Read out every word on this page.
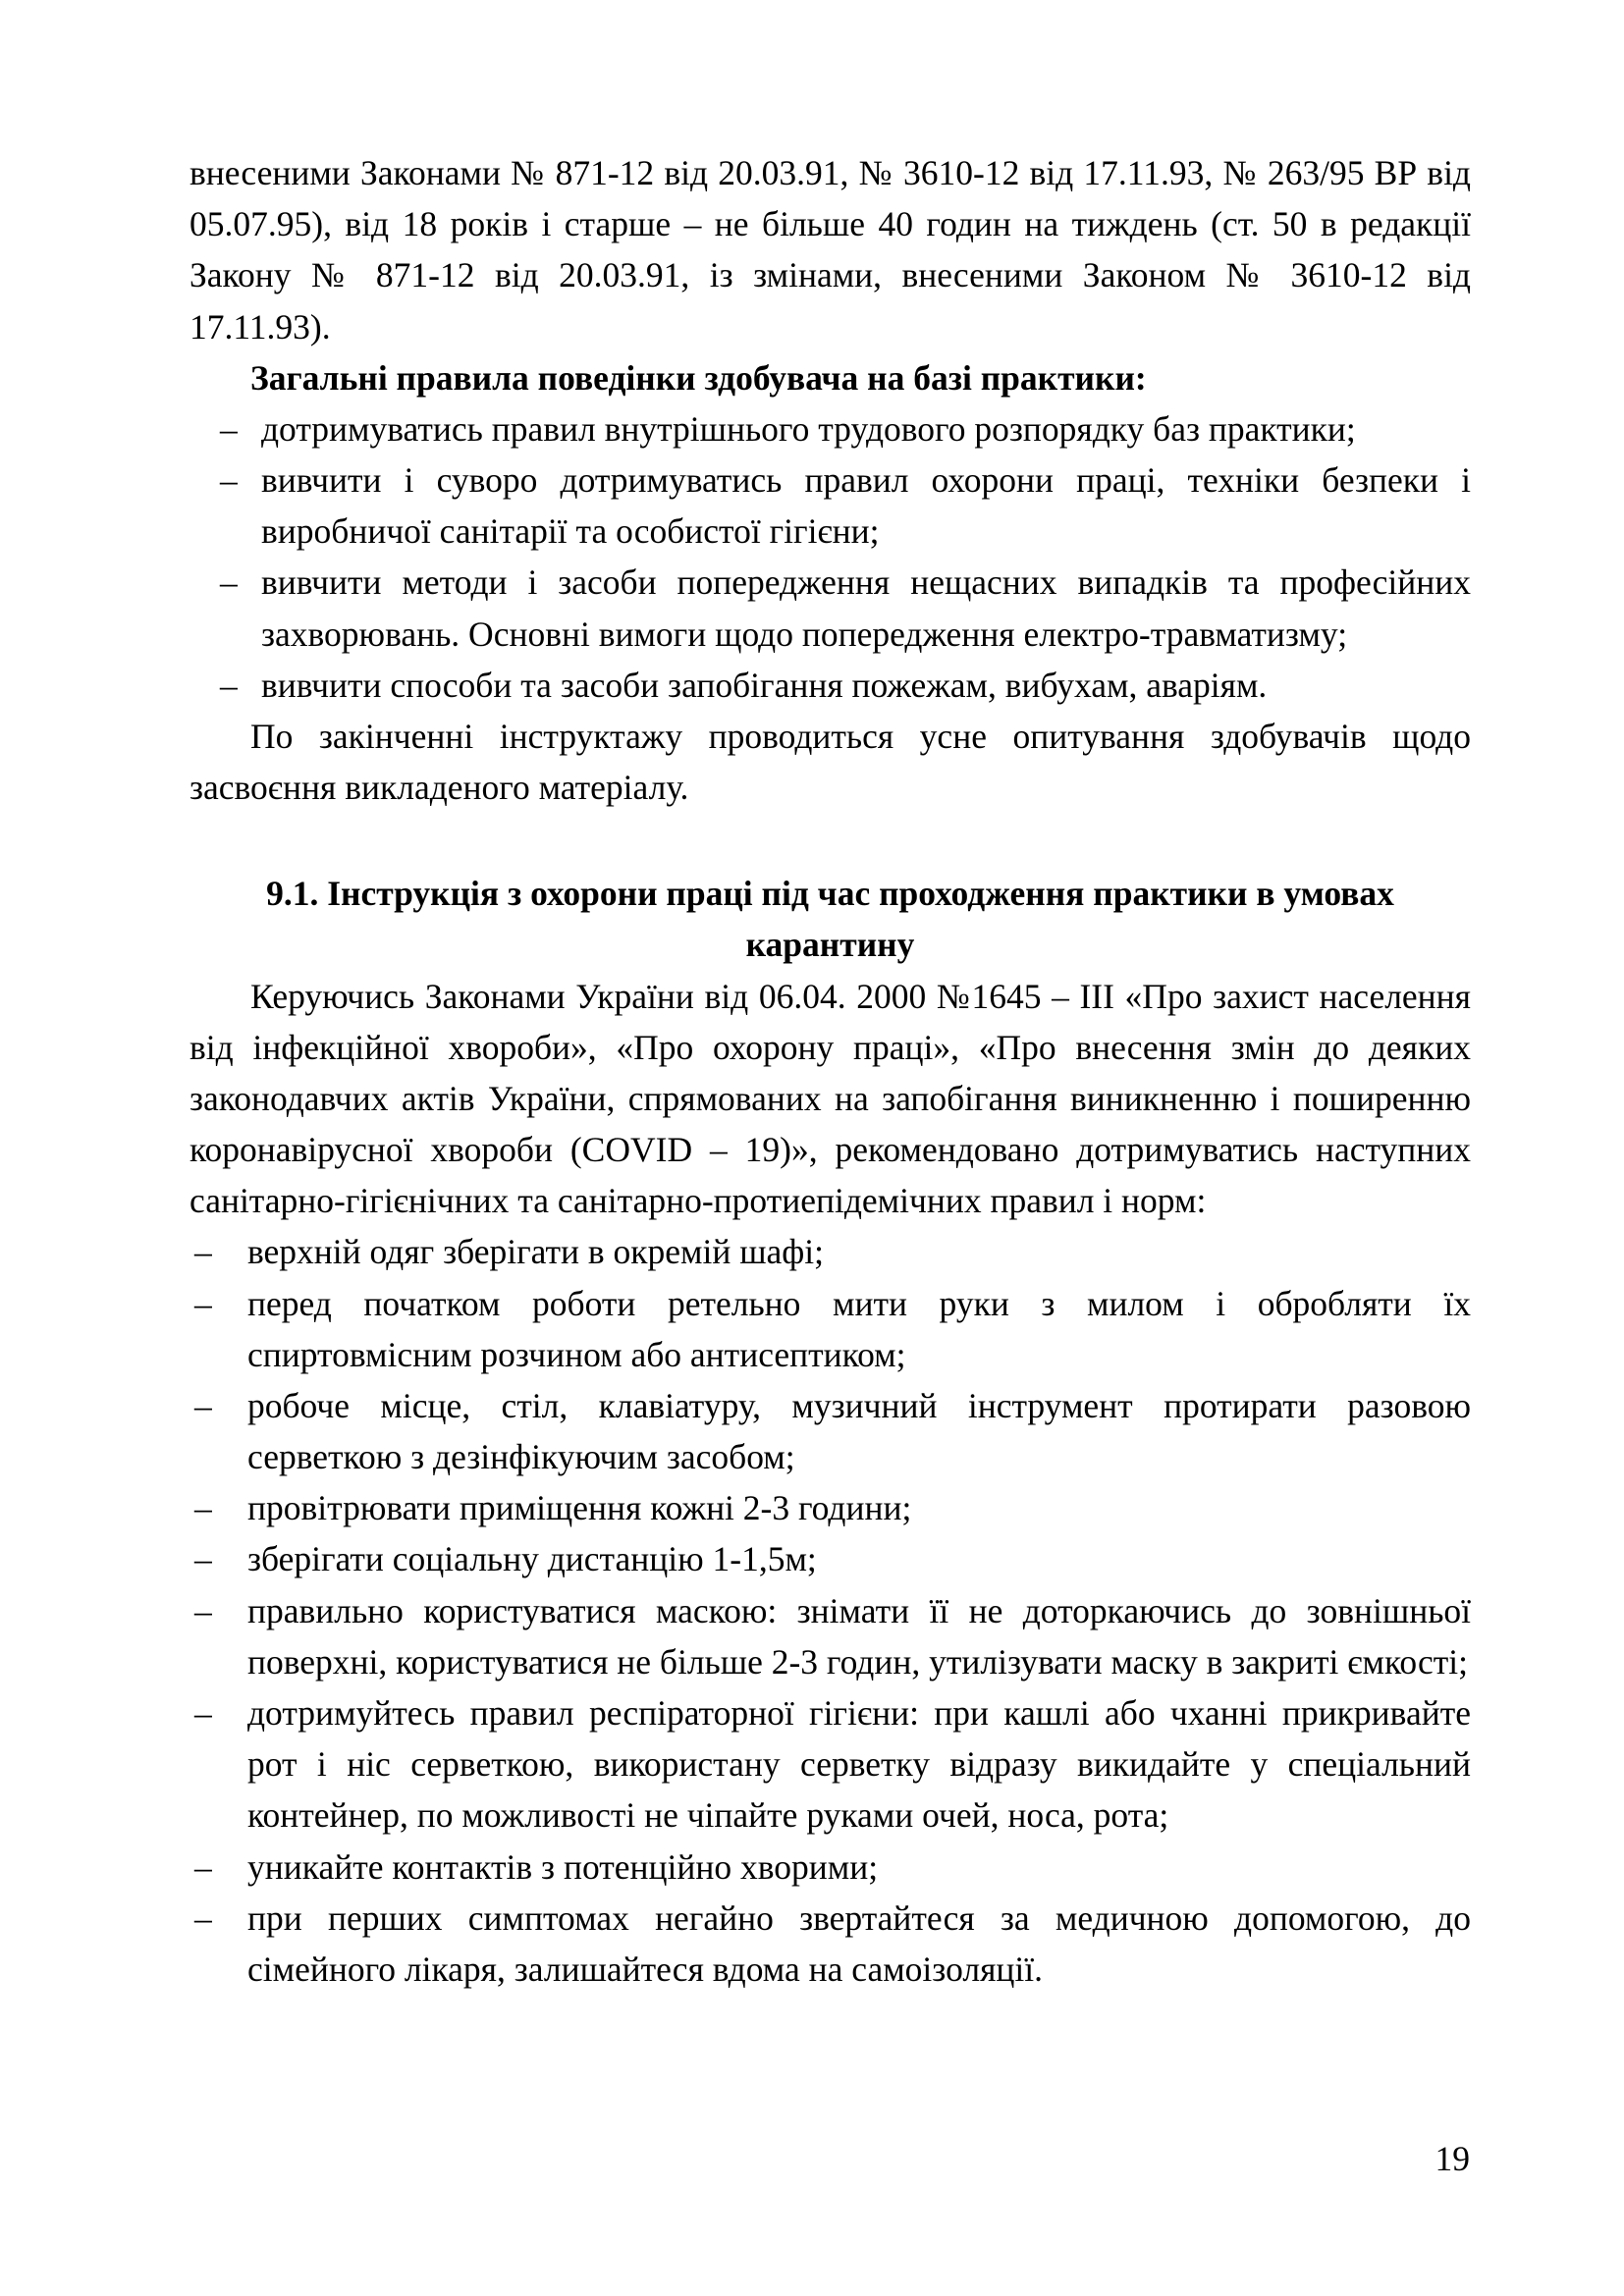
внесеними Законами № 871-12 від 20.03.91, № 3610-12 від 17.11.93, № 263/95 ВР від 05.07.95), від 18 років і старше – не більше 40 годин на тиждень (ст. 50 в редакції Закону № 871-12 від 20.03.91, із змінами, внесеними Законом № 3610-12 від 17.11.93).

Загальні правила поведінки здобувача на базі практики:

– дотримуватись правил внутрішнього трудового розпорядку баз практики;
– вивчити і суворо дотримуватись правил охорони праці, техніки безпеки і виробничої санітарії та особистої гігієни;
– вивчити методи і засоби попередження нещасних випадків та професійних захворювань. Основні вимоги щодо попередження електро-травматизму;
– вивчити способи та засоби запобігання пожежам, вибухам, аваріям.

По закінченні інструктажу проводиться усне опитування здобувачів щодо засвоєння викладеного матеріалу.

9.1. Інструкція з охорони праці під час проходження практики в умовах карантину

Керуючись Законами України від 06.04. 2000 №1645 – ІІІ «Про захист населення від інфекційної хвороби», «Про охорону праці», «Про внесення змін до деяких законодавчих актів України, спрямованих на запобігання виникненню і поширенню коронавірусної хвороби (COVID – 19)», рекомендовано дотримуватись наступних санітарно-гігієнічних та санітарно-протиепідемічних правил і норм:

– верхній одяг зберігати в окремій шафі;
– перед початком роботи ретельно мити руки з милом і обробляти їх спиртовмісним розчином або антисептиком;
– робоче місце, стіл, клавіатуру, музичний інструмент протирати разовою серветкою з дезінфікуючим засобом;
– провітрювати приміщення кожні 2-3 години;
– зберігати соціальну дистанцію 1-1,5м;
– правильно користуватися маскою: знімати її не доторкаючись до зовнішньої поверхні, користуватися не більше 2-3 годин, утилізувати маску в закриті ємкості;
– дотримуйтесь правил респіраторної гігієни: при кашлі або чханні прикривайте рот і ніс серветкою, використану серветку відразу викидайте у спеціальний контейнер, по можливості не чіпайте руками очей, носа, рота;
– уникайте контактів з потенційно хворими;
– при перших симптомах негайно звертайтеся за медичною допомогою, до сімейного лікаря, залишайтеся вдома на самоізоляції.
19
